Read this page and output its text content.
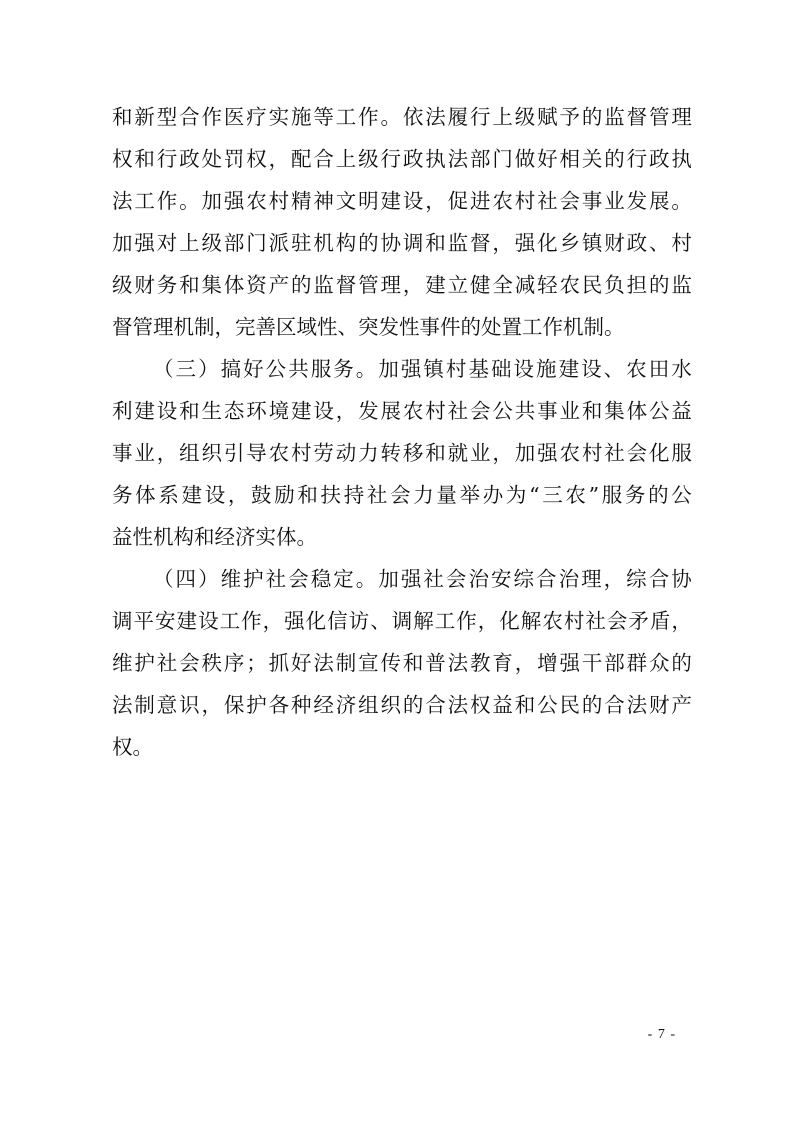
和 新 型 合 作 医 疗 实 施 等 工 作 。 依 法 履 行 上 级 赋 予 的 监 督 管 理
权 和 行 政 处 罚 权 ， 配 合 上 级 行 政 执 法 部 门 做 好 相 关 的 行 政 执
法 工 作 。 加 强 农 村 精 神 文 明 建 设 ， 促 进 农 村 社 会 事 业 发 展 。
加 强 对 上 级 部 门 派 驻 机 构 的 协 调 和 监 督 ， 强 化 乡 镇 财 政 、 村
级 财 务 和 集 体 资 产 的 监 督 管 理 ， 建 立 健 全 减 轻 农 民 负 担 的 监
督 管 理 机 制 ， 完 善 区 域 性 、 突 发 性 事 件 的 处 置 工 作 机 制 。
（ 三 ） 搞 好 公 共 服 务 。 加 强 镇 村 基 础 设 施 建 设 、 农 田 水
利 建 设 和 生 态 环 境 建 设 ， 发 展 农 村 社 会 公 共 事 业 和 集 体 公 益
事 业 ， 组 织 引 导 农 村 劳 动 力 转 移 和 就 业 ， 加 强 农 村 社 会 化 服
务 体 系 建 设 ， 鼓 励 和 扶 持 社 会 力 量 举 办 为 “ 三 农 ” 服 务 的 公
益 性 机 构 和 经 济 实 体 。
（ 四 ） 维 护 社 会 稳 定 。 加 强 社 会 治 安 综 合 治 理 ， 综 合 协
调 平 安 建 设 工 作 ， 强 化 信 访 、 调 解 工 作 ， 化 解 农 村 社 会 矛 盾 ，
维 护 社 会 秩 序 ； 抓 好 法 制 宣 传 和 普 法 教 育 ， 增 强 干 部 群 众 的
法 制 意 识 ， 保 护 各 种 经 济 组 织 的 合 法 权 益 和 公 民 的 合 法 财 产
权 。
- 7 -
